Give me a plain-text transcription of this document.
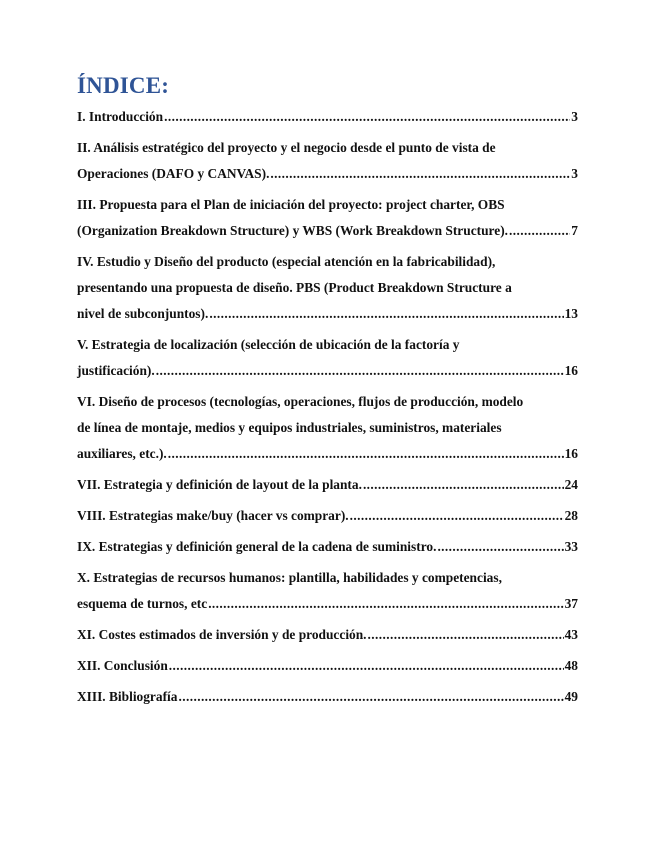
ÍNDICE:
I. Introducción .....	3
II. Análisis estratégico del proyecto y el negocio desde el punto de vista de
Operaciones (DAFO y CANVAS). .....	3
III. Propuesta para el Plan de iniciación del proyecto: project charter, OBS
(Organization Breakdown Structure) y WBS (Work Breakdown Structure). .....	7
IV. Estudio y Diseño del producto (especial atención en la fabricabilidad),
presentando una propuesta de diseño. PBS (Product Breakdown Structure a
nivel de subconjuntos). .....	13
V. Estrategia de localización (selección de ubicación de la factoría y
justificación). .....	16
VI. Diseño de procesos (tecnologías, operaciones, flujos de producción, modelo
de línea de montaje, medios y equipos industriales, suministros, materiales
auxiliares, etc.). .....	16
VII. Estrategia y definición de layout de la planta. .....	24
VIII. Estrategias make/buy (hacer vs comprar). .....	28
IX. Estrategias y definición general de la cadena de suministro. .....	33
X. Estrategias de recursos humanos: plantilla, habilidades y competencias,
esquema de turnos, etc .....	37
XI. Costes estimados de inversión y de producción. .....	43
XII. Conclusión .....	48
XIII. Bibliografía .....	49
